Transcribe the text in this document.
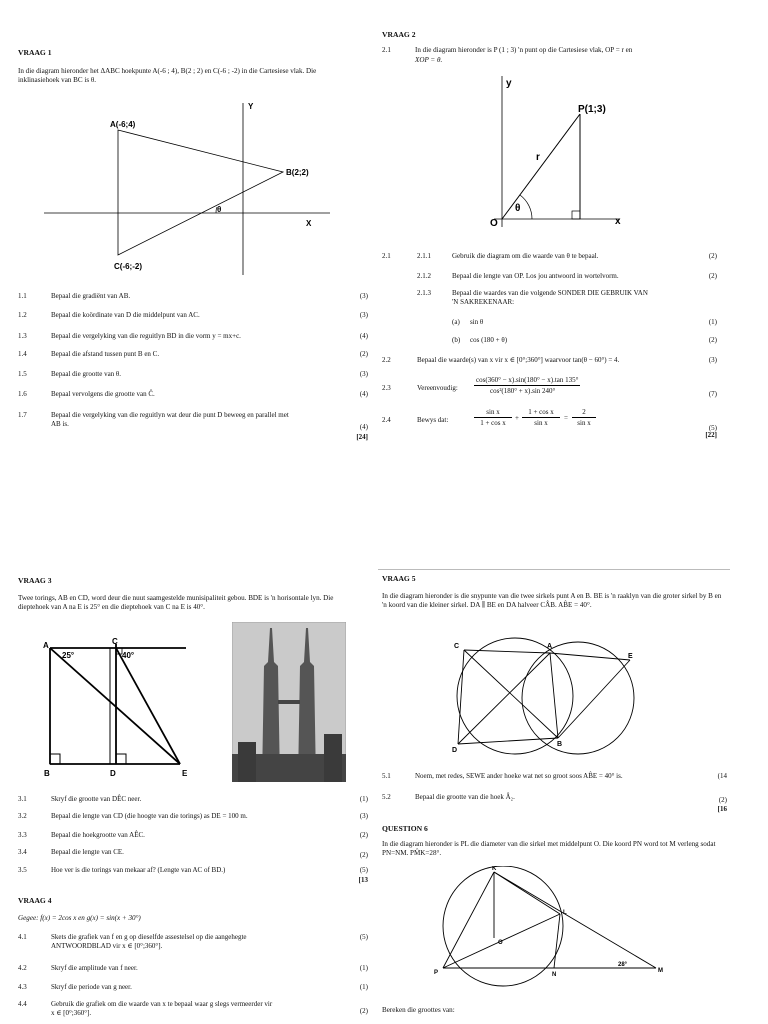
VRAAG 1
In die diagram hieronder het ΔABC hoekpunte A(-6 ; 4), B(2 ; 2) en C(-6 ; -2) in die Cartesiese vlak. Die inklinasiehoek van BC is θ.
A(-6;4)
B(2;2)
C(-6;-2)
Y
X
θ
1.1	Bepaal die gradiënt van AB.	(3)
1.2	Bepaal die koördinate van D die middelpunt van AC.	(3)
1.3	Bepaal die vergelyking van die reguitlyn BD in die vorm y = mx+c.	(4)
1.4	Bepaal die afstand tussen punt B en C.	(2)
1.5	Bepaal die grootte van θ.	(3)
1.6	Bepaal vervolgens die grootte van Ĉ.	(4)
1.7	Bepaal die vergelyking van die reguitlyn wat deur die punt D beweeg en parallel met
AB is.	(4)
[24]
VRAAG 2
2.1	In die diagram hieronder is P (1 ; 3) 'n punt op die Cartesiese vlak, OP = r en
XOP = θ.
y
P(1;3)
r
θ
O	x
2.1	2.1.1	Gebruik die diagram om die waarde van θ te bepaal.	(2)
2.1.2	Bepaal die lengte van OP. Los jou antwoord in wortelvorm.	(2)
2.1.3	Bepaal die waardes van die volgende SONDER DIE GEBRUIK VAN
'N SAKREKENAAR:
(a) sin θ	(1)
(b) cos (180 + θ)	(2)
2.2	Bepaal die waarde(s) van x vir x ∈ [0°;360°] waarvoor tan(θ − 60°) = 4.	(3)
2.3	Vereenvoudig:
cos(360° − x).sin(180° − x).tan 135°
cos²(180° + x).sin 240°	(7)
2.4	Bewys dat:
sin x
1 + cos x
+
1 + cos x
sin x
=
2
sin x
(5)
[22]
VRAAG 3
Twee torings, AB en CD, word deur die nuut saamgestelde munisipaliteit gebou. BDE is 'n horisontale lyn. Die dieptehoek van A na E is 25° en die dieptehoek van C na E is 40°.
A	C
25°	40°
B	D	E
3.1	Skryf die grootte van DÊC neer.	(1)
3.2	Bepaal die lengte van CD (die hoogte van die torings) as DE = 100 m.	(3)
3.3	Bepaal die hoekgrootte van AÊC.	(2)
3.4	Bepaal die lengte van CE.	(2)
3.5	Hoe ver is die torings van mekaar af? (Lengte van AC of BD.)	(5)
[13
VRAAG 4
Gegee: f(x) = 2cos x en g(x) = sin(x + 30°)
4.1	Skets die grafiek van f en g op dieselfde assestelsel op die aangehegte
ANTWOORDBLAD vir x ∈ [0°;360°].
(5)
4.2	Skryf die amplitude van f neer.	(1)
4.3	Skryf die periode van g neer.	(1)
4.4	Gebruik die grafiek om die waarde van x te bepaal waar g slegs vermeerder vir
x ∈ [0°;360°].	(2)
VRAAG 5
In die diagram hieronder is die snypunte van die twee sirkels punt A en B. BE is 'n raaklyn van die groter sirkel by B en 'n koord van die kleiner sirkel. DA ∥ BE en DA halveer CÂB. AB̂E = 40°.
C	A
E
D
B
5.1	Noem, met redes, SEWE ander hoeke wat net so groot soos AB̂E = 40° is.	(14
5.2	Bepaal die grootte van die hoek Â₂.	(2)
[16
QUESTION 6
In die diagram hieronder is PL die diameter van die sirkel met middelpunt O. Die koord PN word tot M verleng sodat PN=NM. PM̂K=28°.
K
L
O
P	N
M
28°
Bereken die groottes van:
